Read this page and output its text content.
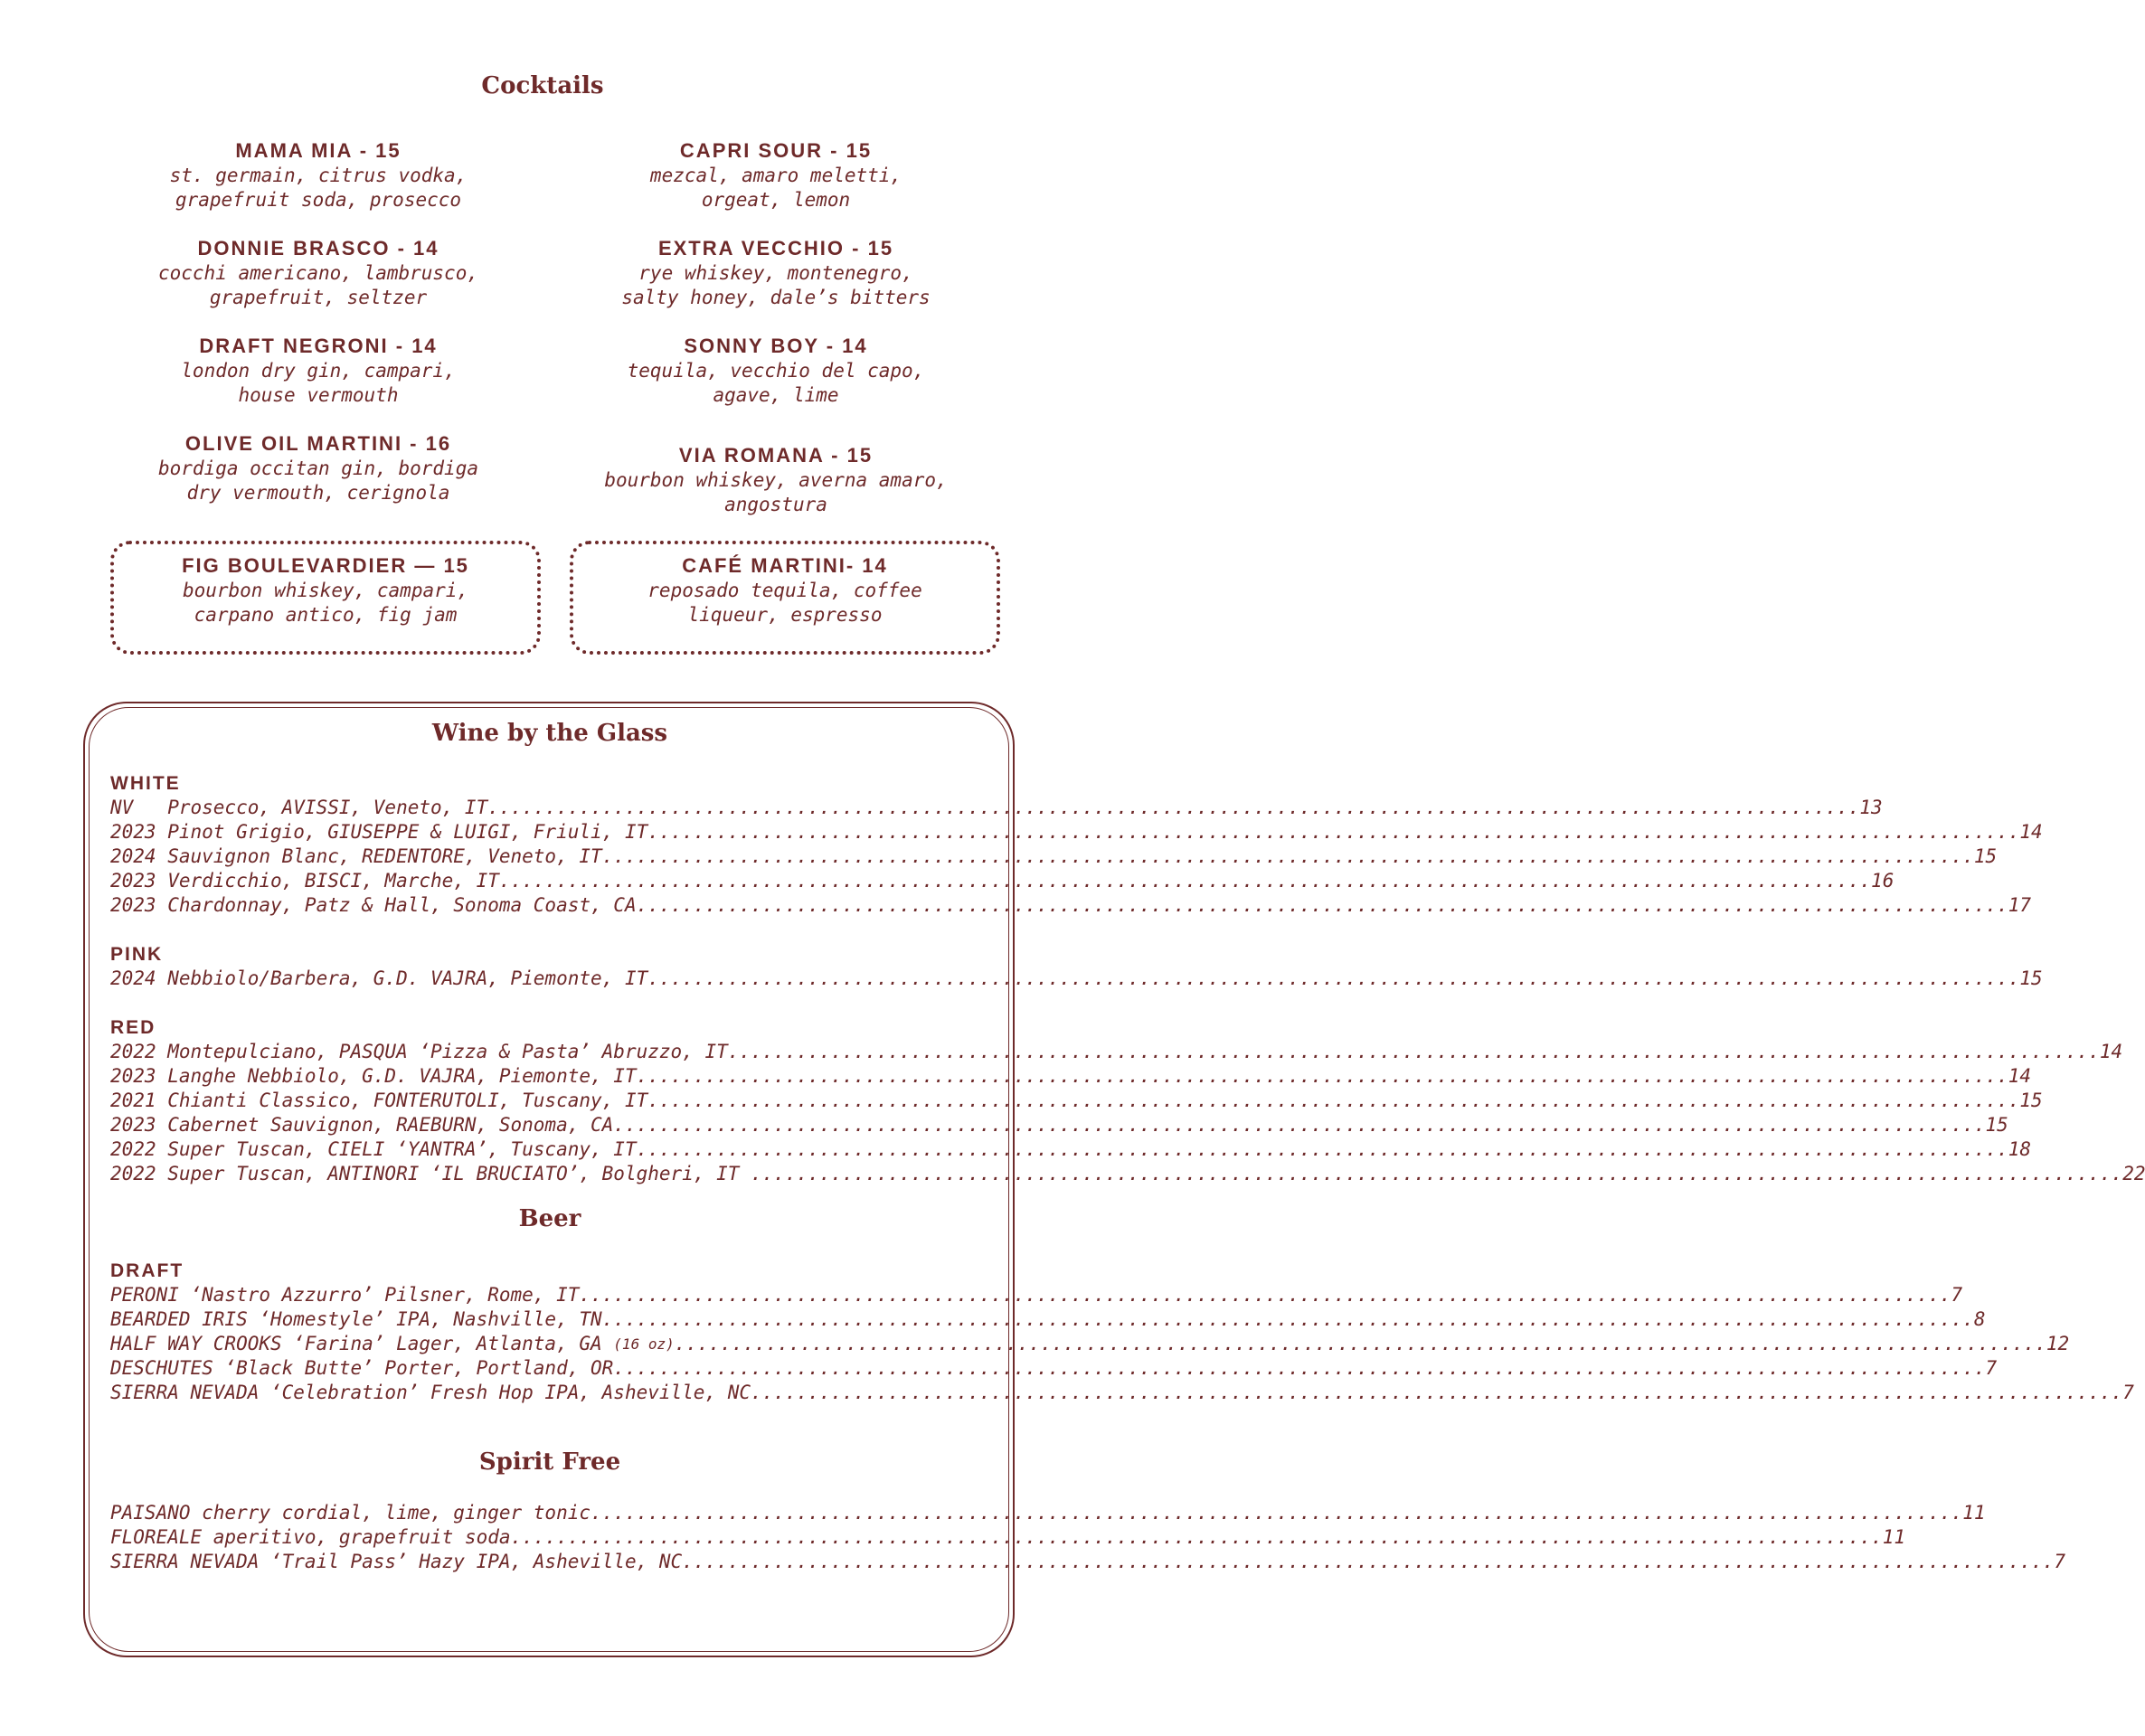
Cocktails
MAMA MIA - 15
st. germain, citrus vodka,
grapefruit soda, prosecco
CAPRI SOUR - 15
mezcal, amaro meletti,
orgeat, lemon
DONNIE BRASCO - 14
cocchi americano, lambrusco,
grapefruit, seltzer
EXTRA VECCHIO - 15
rye whiskey, montenegro,
salty honey, dale’s bitters
DRAFT NEGRONI - 14
london dry gin, campari,
house vermouth
SONNY BOY - 14
tequila, vecchio del capo,
agave, lime
OLIVE OIL MARTINI - 16
bordiga occitan gin, bordiga
dry vermouth, cerignola
VIA ROMANA - 15
bourbon whiskey, averna amaro,
angostura
FIG BOULEVARDIER — 15
bourbon whiskey, campari,
carpano antico, fig jam
CAFÉ MARTINI- 14
reposado tequila, coffee
liqueur, espresso
Wine by the Glass
WHITE
NV   Prosecco, AVISSI, Veneto, IT ........................................................................................................................ 13
2023 Pinot Grigio, GIUSEPPE & LUIGI, Friuli, IT ........................................................................................................................ 14
2024 Sauvignon Blanc, REDENTORE, Veneto, IT ........................................................................................................................ 15
2023 Verdicchio, BISCI, Marche, IT ........................................................................................................................ 16
2023 Chardonnay, Patz & Hall, Sonoma Coast, CA ........................................................................................................................ 17
PINK
2024 Nebbiolo/Barbera, G.D. VAJRA, Piemonte, IT ........................................................................................................................ 15
RED
2022 Montepulciano, PASQUA ‘Pizza & Pasta’ Abruzzo, IT ........................................................................................................................ 14
2023 Langhe Nebbiolo, G.D. VAJRA, Piemonte, IT ........................................................................................................................ 14
2021 Chianti Classico, FONTERUTOLI, Tuscany, IT ........................................................................................................................ 15
2023 Cabernet Sauvignon, RAEBURN, Sonoma, CA ........................................................................................................................ 15
2022 Super Tuscan, CIELI ‘YANTRA’, Tuscany, IT ........................................................................................................................ 18
2022 Super Tuscan, ANTINORI ‘IL BRUCIATO’, Bolgheri, IT ........................................................................................................................ 22
Beer
DRAFT
PERONI ‘Nastro Azzurro’ Pilsner, Rome, IT ........................................................................................................................ 7
BEARDED IRIS ‘Homestyle’ IPA, Nashville, TN ........................................................................................................................ 8
HALF WAY CROOKS ‘Farina’ Lager, Atlanta, GA (16 oz) ........................................................................................................................ 12
DESCHUTES ‘Black Butte’ Porter, Portland, OR ........................................................................................................................ 7
SIERRA NEVADA ‘Celebration’ Fresh Hop IPA, Asheville, NC ........................................................................................................................ 7
Spirit Free
PAISANO cherry cordial, lime, ginger tonic ........................................................................................................................ 11
FLOREALE aperitivo, grapefruit soda ........................................................................................................................ 11
SIERRA NEVADA ‘Trail Pass’ Hazy IPA, Asheville, NC ........................................................................................................................ 7
